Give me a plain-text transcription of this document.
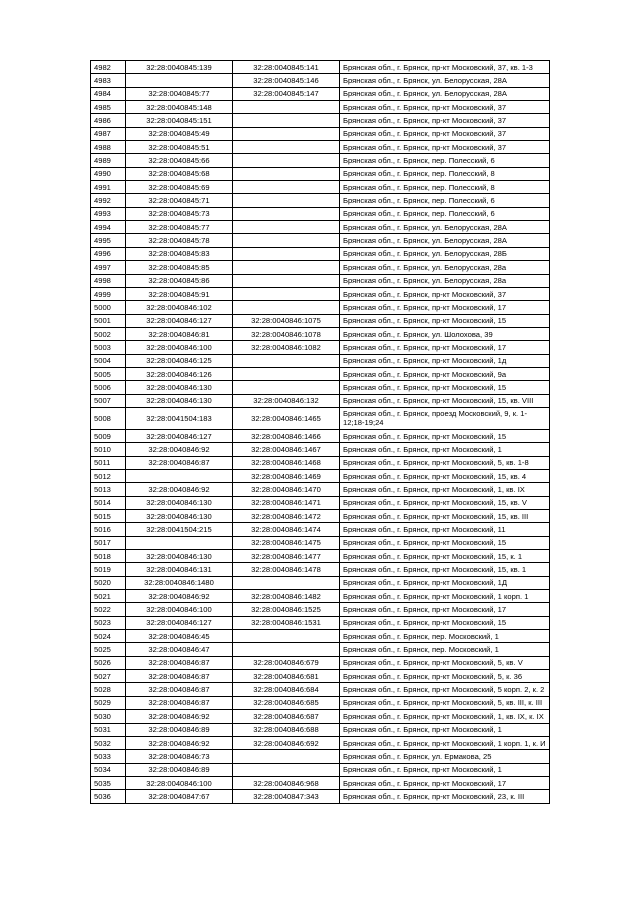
4982	32:28:0040845:139	32:28:0040845:141	Брянская обл., г. Брянск, пр-кт Московский, 37, кв. 1-3
4983		32:28:0040845:146	Брянская обл., г. Брянск, ул. Белорусская, 28А
4984	32:28:0040845:77	32:28:0040845:147	Брянская обл., г. Брянск, ул. Белорусская, 28А
4985	32:28:0040845:148		Брянская обл., г. Брянск, пр-кт Московский, 37
4986	32:28:0040845:151		Брянская обл., г. Брянск, пр-кт Московский, 37
4987	32:28:0040845:49		Брянская обл., г. Брянск, пр-кт Московский, 37
4988	32:28:0040845:51		Брянская обл., г. Брянск, пр-кт Московский, 37
4989	32:28:0040845:66		Брянская обл., г. Брянск, пер. Полесский, 6
4990	32:28:0040845:68		Брянская обл., г. Брянск, пер. Полесский, 8
4991	32:28:0040845:69		Брянская обл., г. Брянск, пер. Полесский, 8
4992	32:28:0040845:71		Брянская обл., г. Брянск, пер. Полесский, 6
4993	32:28:0040845:73		Брянская обл., г. Брянск, пер. Полесский, 6
4994	32:28:0040845:77		Брянская обл., г. Брянск, ул. Белорусская, 28А
4995	32:28:0040845:78		Брянская обл., г. Брянск, ул. Белорусская, 28А
4996	32:28:0040845:83		Брянская обл., г. Брянск, ул. Белорусская, 28Б
4997	32:28:0040845:85		Брянская обл., г. Брянск, ул. Белорусская, 28а
4998	32:28:0040845:86		Брянская обл., г. Брянск, ул. Белорусская, 28а
4999	32:28:0040845:91		Брянская обл., г. Брянск, пр-кт Московский, 37
5000	32:28:0040846:102		Брянская обл., г. Брянск, пр-кт Московский, 17
5001	32:28:0040846:127	32:28:0040846:1075	Брянская обл., г. Брянск, пр-кт Московский, 15
5002	32:28:0040846:81	32:28:0040846:1078	Брянская обл., г. Брянск, ул. Шолохова, 39
5003	32:28:0040846:100	32:28:0040846:1082	Брянская обл., г. Брянск, пр-кт Московский, 17
5004	32:28:0040846:125		Брянская обл., г. Брянск, пр-кт Московский, 1д
5005	32:28:0040846:126		Брянская обл., г. Брянск, пр-кт Московский, 9а
5006	32:28:0040846:130		Брянская обл., г. Брянск, пр-кт Московский, 15
5007	32:28:0040846:130	32:28:0040846:132	Брянская обл., г. Брянск, пр-кт Московский, 15, кв. VIII
5008	32:28:0041504:183	32:28:0040846:1465	Брянская обл., г. Брянск, проезд Московский, 9, к. 1-12;18-19;24
5009	32:28:0040846:127	32:28:0040846:1466	Брянская обл., г. Брянск, пр-кт Московский, 15
5010	32:28:0040846:92	32:28:0040846:1467	Брянская обл., г. Брянск, пр-кт Московский, 1
5011	32:28:0040846:87	32:28:0040846:1468	Брянская обл., г. Брянск, пр-кт Московский, 5, кв. 1-8
5012		32:28:0040846:1469	Брянская обл., г. Брянск, пр-кт Московский, 15, кв. 4
5013	32:28:0040846:92	32:28:0040846:1470	Брянская обл., г. Брянск, пр-кт Московский, 1, кв. IX
5014	32:28:0040846:130	32:28:0040846:1471	Брянская обл., г. Брянск, пр-кт Московский, 15, кв. V
5015	32:28:0040846:130	32:28:0040846:1472	Брянская обл., г. Брянск, пр-кт Московский, 15, кв. III
5016	32:28:0041504:215	32:28:0040846:1474	Брянская обл., г. Брянск, пр-кт Московский, 11
5017		32:28:0040846:1475	Брянская обл., г. Брянск, пр-кт Московский, 15
5018	32:28:0040846:130	32:28:0040846:1477	Брянская обл., г. Брянск, пр-кт Московский, 15, к. 1
5019	32:28:0040846:131	32:28:0040846:1478	Брянская обл., г. Брянск, пр-кт Московский, 15, кв. 1
5020	32:28:0040846:1480		Брянская обл., г. Брянск, пр-кт Московский, 1Д
5021	32:28:0040846:92	32:28:0040846:1482	Брянская обл., г. Брянск, пр-кт Московский, 1 корп. 1
5022	32:28:0040846:100	32:28:0040846:1525	Брянская обл., г. Брянск, пр-кт Московский, 17
5023	32:28:0040846:127	32:28:0040846:1531	Брянская обл., г. Брянск, пр-кт Московский, 15
5024	32:28:0040846:45		Брянская обл., г. Брянск, пер. Московский, 1
5025	32:28:0040846:47		Брянская обл., г. Брянск, пер. Московский, 1
5026	32:28:0040846:87	32:28:0040846:679	Брянская обл., г. Брянск, пр-кт Московский, 5, кв. V
5027	32:28:0040846:87	32:28:0040846:681	Брянская обл., г. Брянск, пр-кт Московский, 5, к. 36
5028	32:28:0040846:87	32:28:0040846:684	Брянская обл., г. Брянск, пр-кт Московский, 5 корп. 2, к. 2
5029	32:28:0040846:87	32:28:0040846:685	Брянская обл., г. Брянск, пр-кт Московский, 5, кв. III, к. III
5030	32:28:0040846:92	32:28:0040846:687	Брянская обл., г. Брянск, пр-кт Московский, 1, кв. IX, к. IX
5031	32:28:0040846:89	32:28:0040846:688	Брянская обл., г. Брянск, пр-кт Московский, 1
5032	32:28:0040846:92	32:28:0040846:692	Брянская обл., г. Брянск, пр-кт Московский, 1 корп. 1, к. И
5033	32:28:0040846:73		Брянская обл., г. Брянск, ул. Ермакова, 25
5034	32:28:0040846:89		Брянская обл., г. Брянск, пр-кт Московский, 1
5035	32:28:0040846:100	32:28:0040846:968	Брянская обл., г. Брянск, пр-кт Московский, 17
5036	32:28:0040847:67	32:28:0040847:343	Брянская обл., г. Брянск, пр-кт Московский, 23, к. III
